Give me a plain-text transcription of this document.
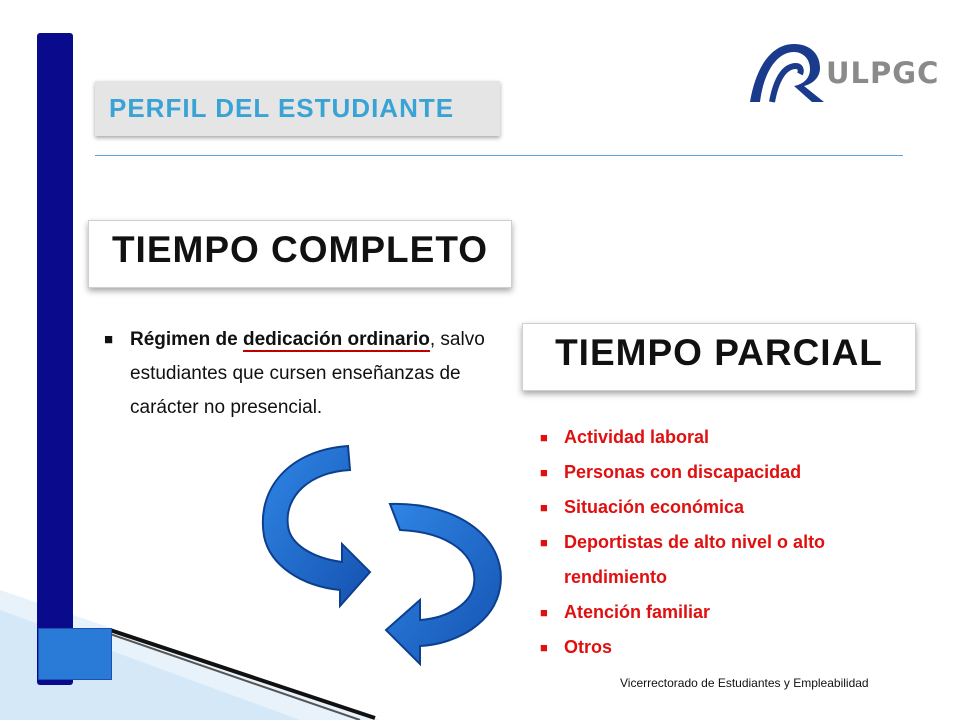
ULPGC
PERFIL DEL ESTUDIANTE
TIEMPO COMPLETO
■ Régimen de dedicación ordinario, salvo estudiantes que cursen enseñanzas de carácter no presencial.
TIEMPO PARCIAL
■ Actividad laboral
■ Personas con discapacidad
■ Situación económica
■ Deportistas de alto nivel o alto rendimiento
■ Atención familiar
■ Otros
Vicerrectorado de Estudiantes y Empleabilidad
